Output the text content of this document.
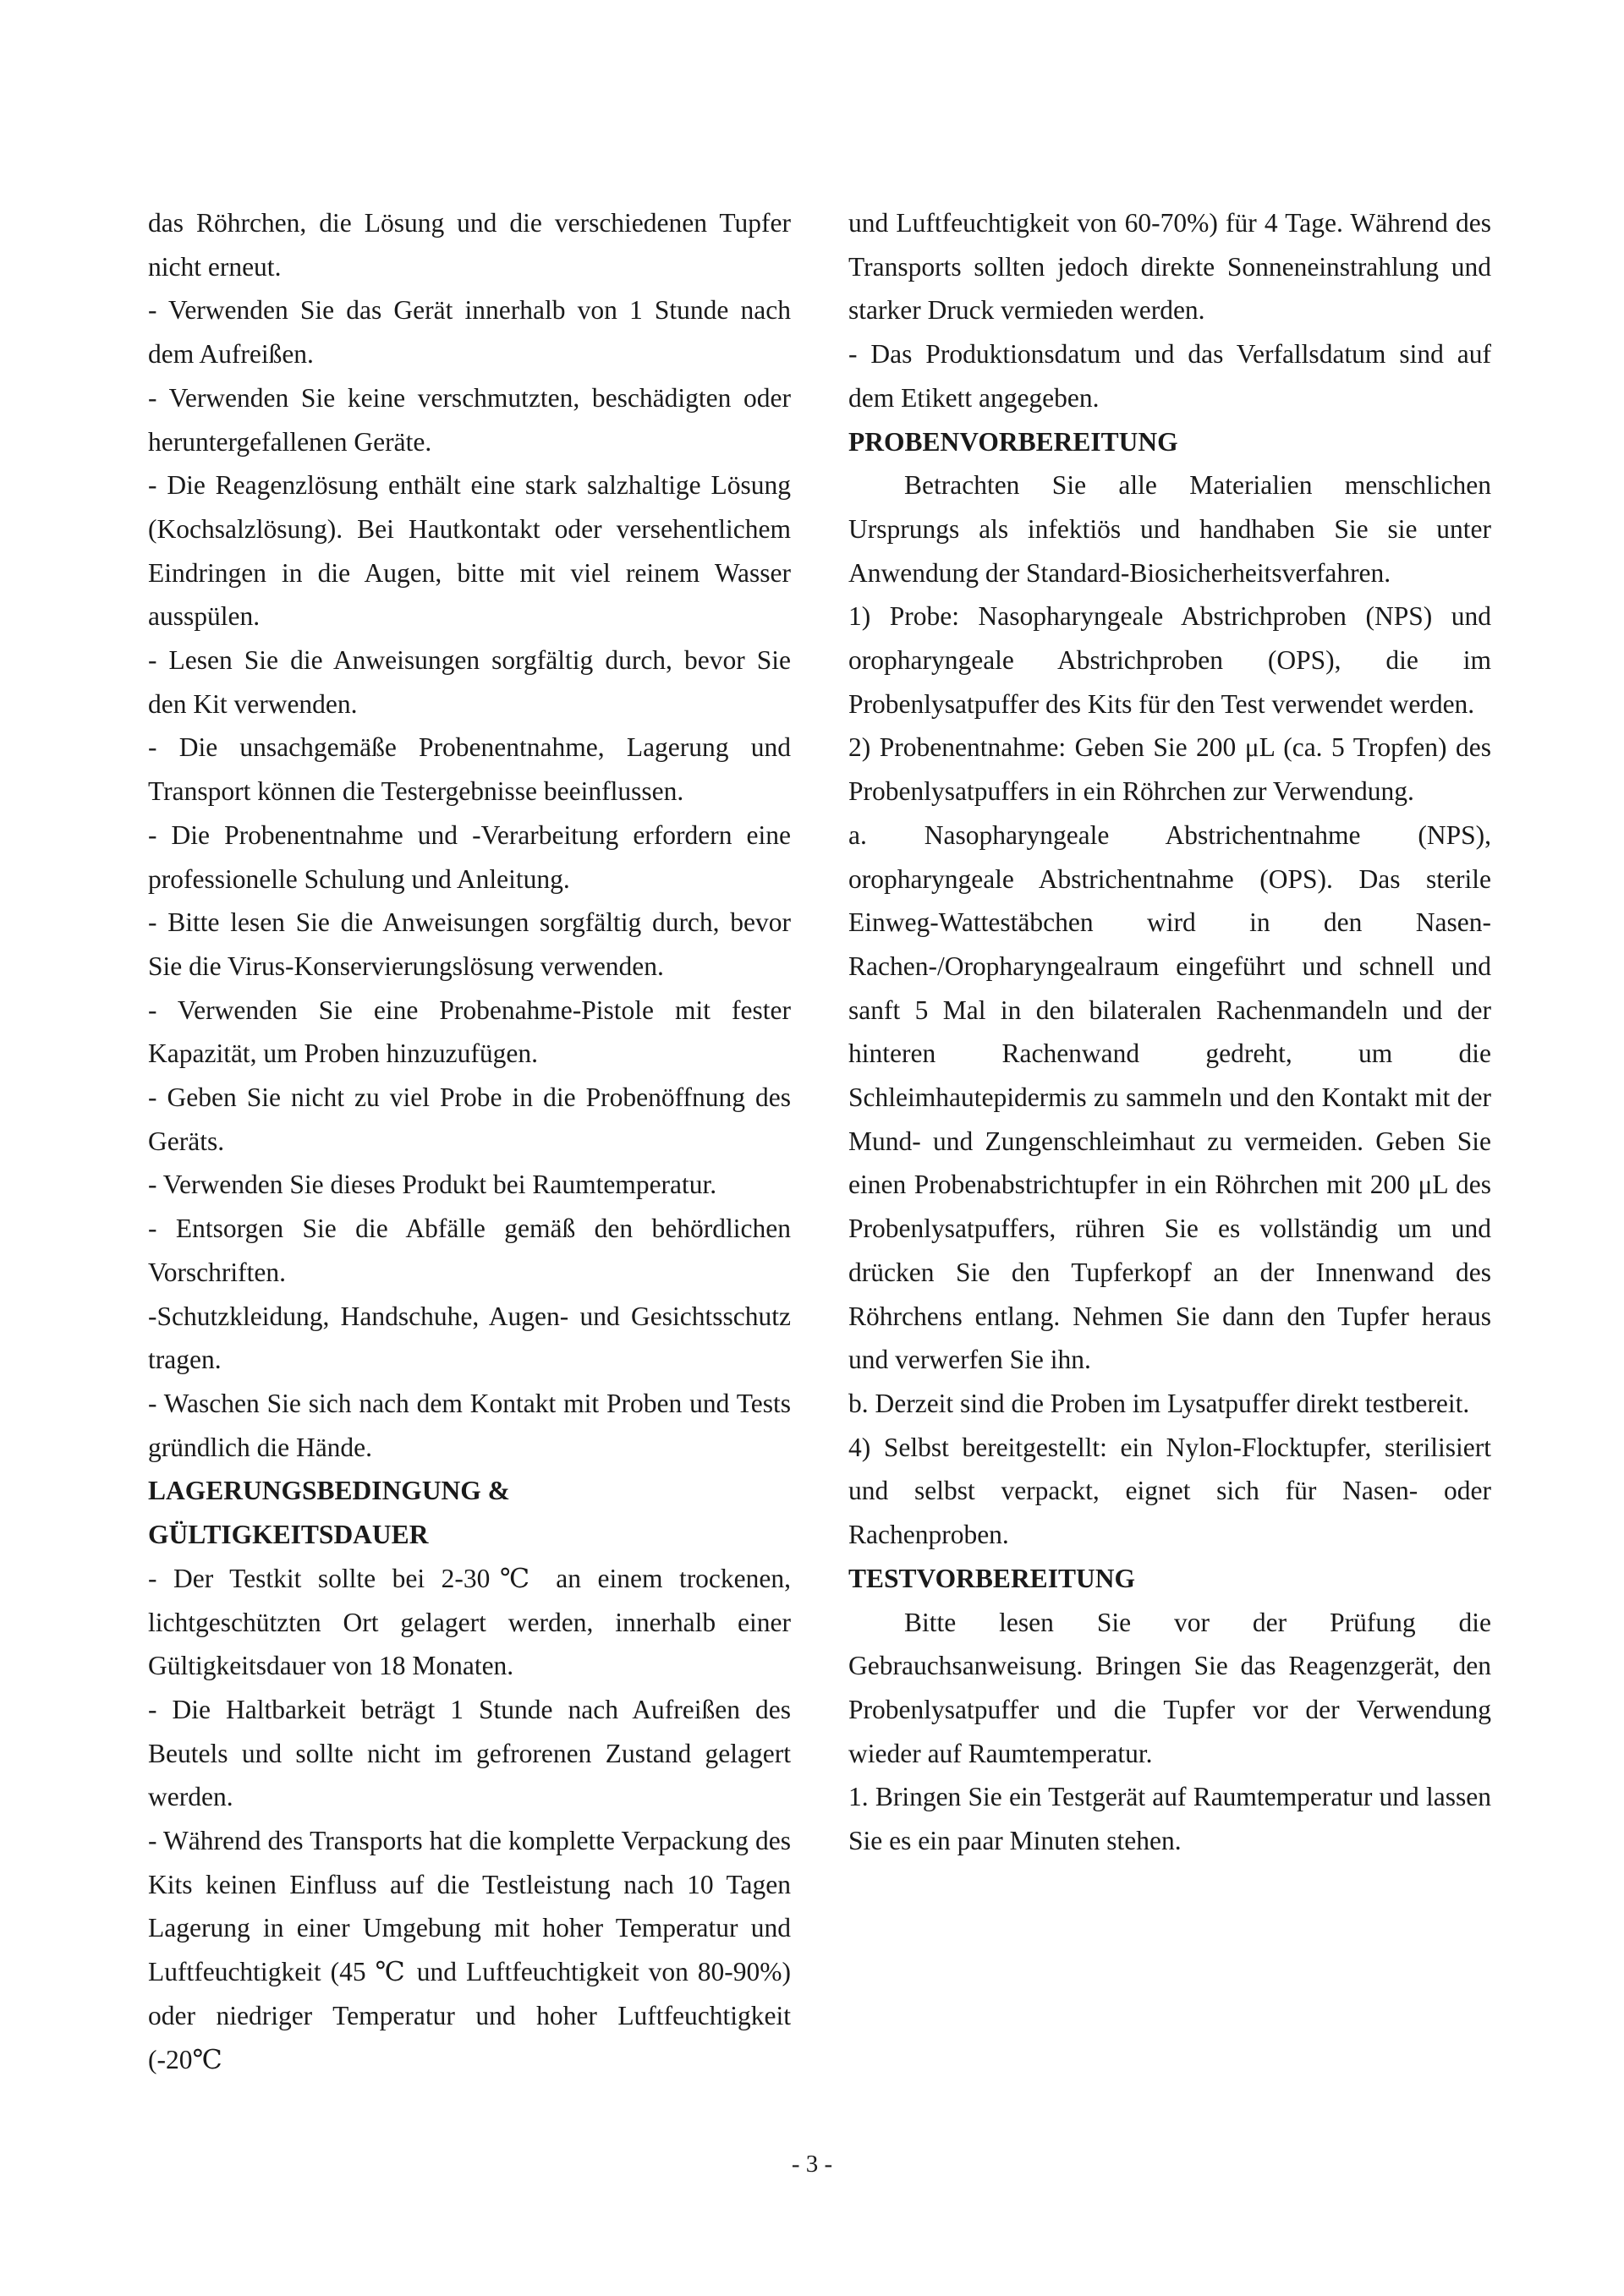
das Röhrchen, die Lösung und die verschiedenen Tupfer nicht erneut.

- Verwenden Sie das Gerät innerhalb von 1 Stunde nach dem Aufreißen.

- Verwenden Sie keine verschmutzten, beschädigten oder heruntergefallenen Geräte.

- Die Reagenzlösung enthält eine stark salzhaltige Lösung (Kochsalzlösung). Bei Hautkontakt oder versehentlichem Eindringen in die Augen, bitte mit viel reinem Wasser ausspülen.

- Lesen Sie die Anweisungen sorgfältig durch, bevor Sie den Kit verwenden.

- Die unsachgemäße Probenentnahme, Lagerung und Transport können die Testergebnisse beeinflussen.

- Die Probenentnahme und -Verarbeitung erfordern eine professionelle Schulung und Anleitung.

- Bitte lesen Sie die Anweisungen sorgfältig durch, bevor Sie die Virus-Konservierungslösung verwenden.

- Verwenden Sie eine Probenahme-Pistole mit fester Kapazität, um Proben hinzuzufügen.

- Geben Sie nicht zu viel Probe in die Probenöffnung des Geräts.

- Verwenden Sie dieses Produkt bei Raumtemperatur.

- Entsorgen Sie die Abfälle gemäß den behördlichen Vorschriften.

-Schutzkleidung, Handschuhe, Augen- und Gesichtsschutz tragen.

- Waschen Sie sich nach dem Kontakt mit Proben und Tests gründlich die Hände.

LAGERUNGSBEDINGUNG &

GÜLTIGKEITSDAUER

- Der Testkit sollte bei 2-30℃ an einem trockenen, lichtgeschützten Ort gelagert werden, innerhalb einer Gültigkeitsdauer von 18 Monaten.

- Die Haltbarkeit beträgt 1 Stunde nach Aufreißen des Beutels und sollte nicht im gefrorenen Zustand gelagert werden.

- Während des Transports hat die komplette Verpackung des Kits keinen Einfluss auf die Testleistung nach 10 Tagen Lagerung in einer Umgebung mit hoher Temperatur und Luftfeuchtigkeit (45 ℃ und Luftfeuchtigkeit von 80-90%) oder niedriger Temperatur und hoher Luftfeuchtigkeit (-20℃

und Luftfeuchtigkeit von 60-70%) für 4 Tage. Während des Transports sollten jedoch direkte Sonneneinstrahlung und starker Druck vermieden werden.

- Das Produktionsdatum und das Verfallsdatum sind auf dem Etikett angegeben.

PROBENVORBEREITUNG

Betrachten Sie alle Materialien menschlichen Ursprungs als infektiös und handhaben Sie sie unter Anwendung der Standard-Biosicherheitsverfahren.

1) Probe: Nasopharyngeale Abstrichproben (NPS) und oropharyngeale Abstrichproben (OPS), die im Probenlysatpuffer des Kits für den Test verwendet werden.

2) Probenentnahme: Geben Sie 200 μL (ca. 5 Tropfen) des Probenlysatpuffers in ein Röhrchen zur Verwendung.

a. Nasopharyngeale Abstrichentnahme (NPS), oropharyngeale Abstrichentnahme (OPS). Das sterile Einweg-Wattestäbchen wird in den Nasen-Rachen-/Oropharyngealraum eingeführt und schnell und sanft 5 Mal in den bilateralen Rachenmandeln und der hinteren Rachenwand gedreht, um die Schleimhautepidermis zu sammeln und den Kontakt mit der Mund- und Zungenschleimhaut zu vermeiden. Geben Sie einen Probenabstrichtupfer in ein Röhrchen mit 200 μL des Probenlysatpuffers, rühren Sie es vollständig um und drücken Sie den Tupferkopf an der Innenwand des Röhrchens entlang. Nehmen Sie dann den Tupfer heraus und verwerfen Sie ihn.

b. Derzeit sind die Proben im Lysatpuffer direkt testbereit.

4) Selbst bereitgestellt: ein Nylon-Flocktupfer, sterilisiert und selbst verpackt, eignet sich für Nasen- oder Rachenproben.

TESTVORBEREITUNG

Bitte lesen Sie vor der Prüfung die Gebrauchsanweisung. Bringen Sie das Reagenzgerät, den Probenlysatpuffer und die Tupfer vor der Verwendung wieder auf Raumtemperatur.

1. Bringen Sie ein Testgerät auf Raumtemperatur und lassen Sie es ein paar Minuten stehen.

- 3 -
